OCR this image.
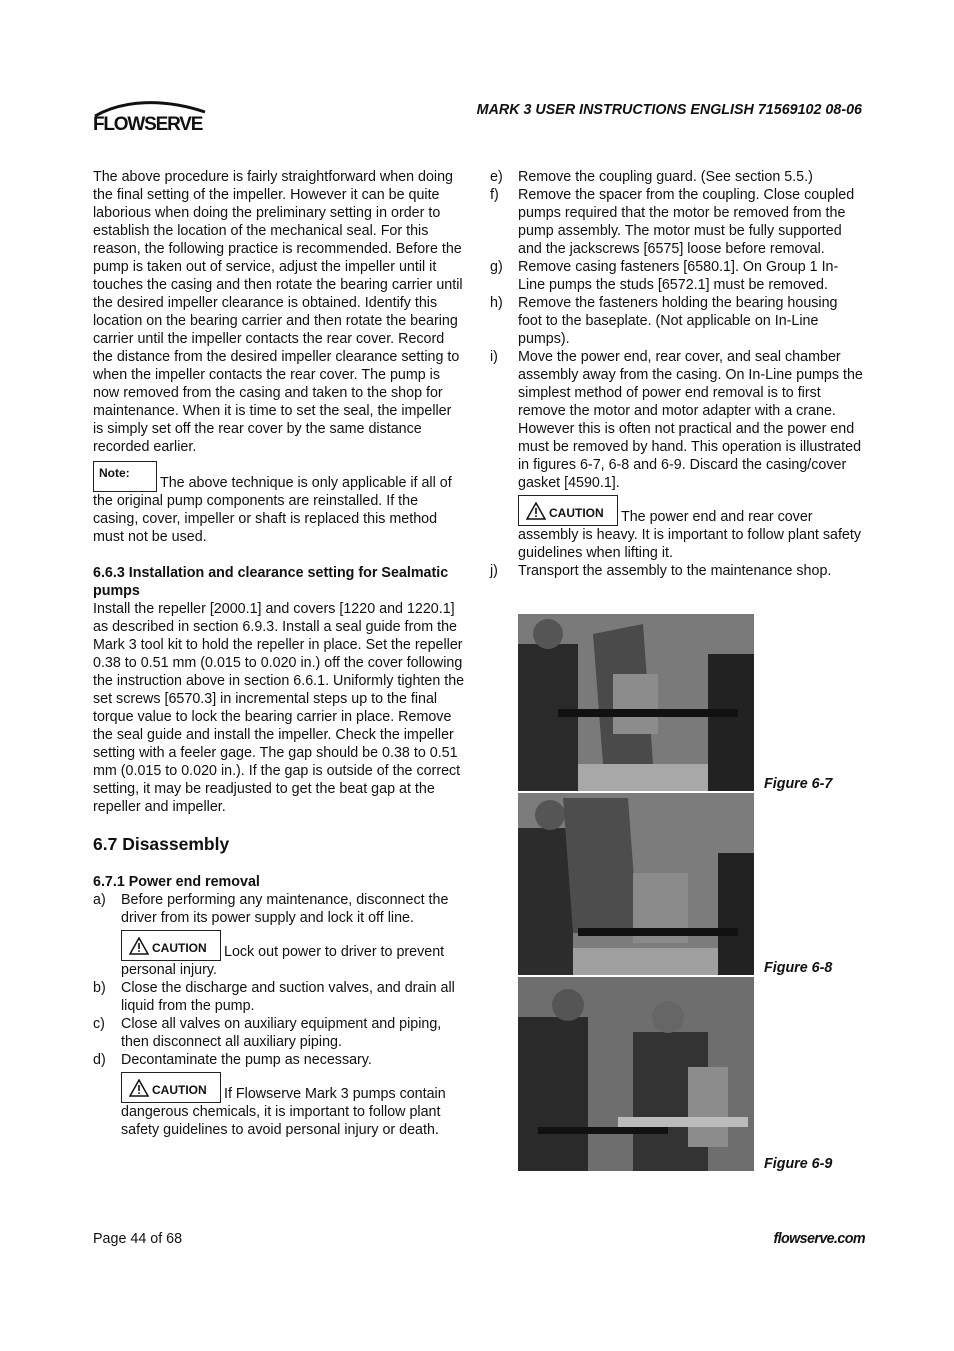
FLOWSERVE
MARK 3 USER INSTRUCTIONS ENGLISH 71569102 08-06

The above procedure is fairly straightforward when doing the final setting of the impeller. However it can be quite laborious when doing the preliminary setting in order to establish the location of the mechanical seal. For this reason, the following practice is recommended. Before the pump is taken out of service, adjust the impeller until it touches the casing and then rotate the bearing carrier until the desired impeller clearance is obtained. Identify this location on the bearing carrier and then rotate the bearing carrier until the impeller contacts the rear cover. Record the distance from the desired impeller clearance setting to when the impeller contacts the rear cover. The pump is now removed from the casing and taken to the shop for maintenance. When it is time to set the seal, the impeller is simply set off the rear cover by the same distance recorded earlier.

Note:The above technique is only applicable if all of the original pump components are reinstalled. If the casing, cover, impeller or shaft is replaced this method must not be used.

6.6.3 Installation and clearance setting for Sealmatic pumps

Install the repeller [2000.1] and covers [1220 and 1220.1] as described in section 6.9.3. Install a seal guide from the Mark 3 tool kit to hold the repeller in place. Set the repeller 0.38 to 0.51 mm (0.015 to 0.020 in.) off the cover following the instruction above in section 6.6.1. Uniformly tighten the set screws [6570.3] in incremental steps up to the final torque value to lock the bearing carrier in place. Remove the seal guide and install the impeller. Check the impeller setting with a feeler gage. The gap should be 0.38 to 0.51 mm (0.015 to 0.020 in.). If the gap is outside of the correct setting, it may be readjusted to get the beat gap at the repeller and impeller.

6.7 Disassembly

6.7.1 Power end removal

a) Before performing any maintenance, disconnect the driver from its power supply and lock it off line.

CAUTION Lock out power to driver to prevent personal injury.

b) Close the discharge and suction valves, and drain all liquid from the pump.
c) Close all valves on auxiliary equipment and piping, then disconnect all auxiliary piping.
d) Decontaminate the pump as necessary.

CAUTION If Flowserve Mark 3 pumps contain dangerous chemicals, it is important to follow plant safety guidelines to avoid personal injury or death.

e) Remove the coupling guard. (See section 5.5.)
f) Remove the spacer from the coupling. Close coupled pumps required that the motor be removed from the pump assembly. The motor must be fully supported and the jackscrews [6575] loose before removal.
g) Remove casing fasteners [6580.1]. On Group 1 In-Line pumps the studs [6572.1] must be removed.
h) Remove the fasteners holding the bearing housing foot to the baseplate. (Not applicable on In-Line pumps).
i) Move the power end, rear cover, and seal chamber assembly away from the casing. On In-Line pumps the simplest method of power end removal is to first remove the motor and motor adapter with a crane. However this is often not practical and the power end must be removed by hand. This operation is illustrated in figures 6-7, 6-8 and 6-9. Discard the casing/cover gasket [4590.1].

CAUTION The power end and rear cover assembly is heavy. It is important to follow plant safety guidelines when lifting it.

j) Transport the assembly to the maintenance shop.
Figure 6-7
Figure 6-8
Figure 6-9
Page 44 of 68	flowserve.com
